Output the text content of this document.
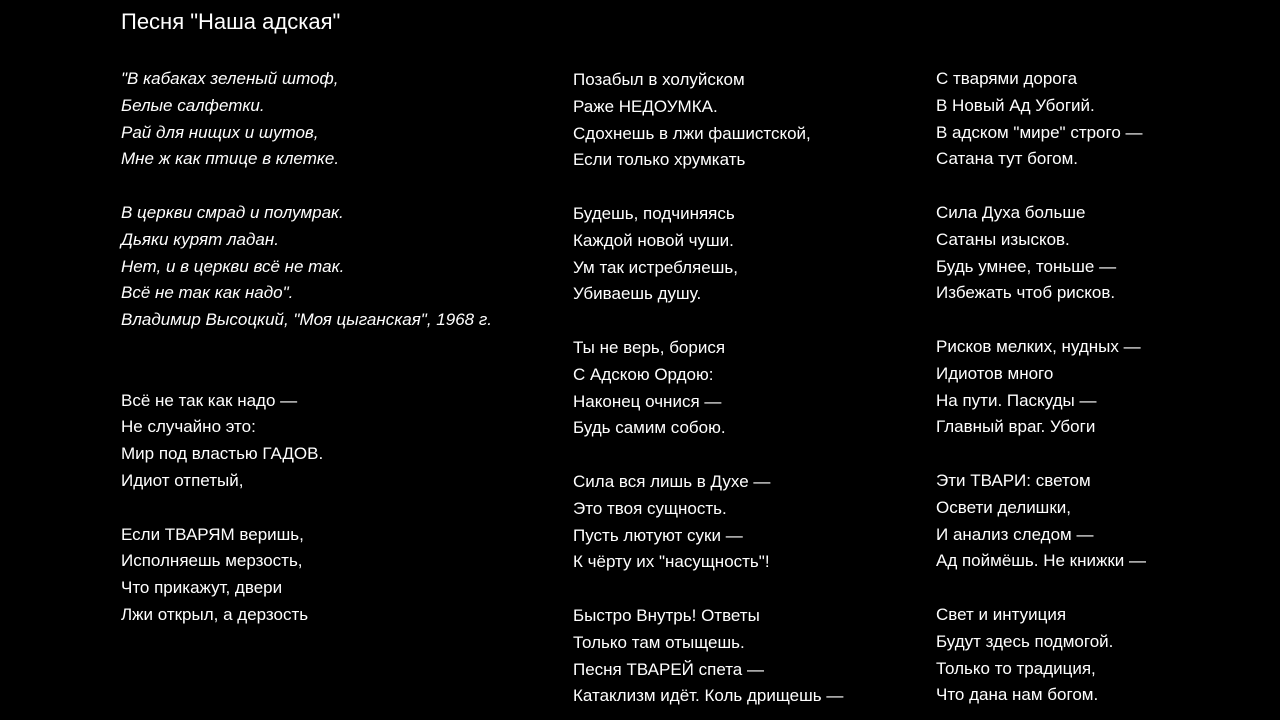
Песня "Наша адская"
"В кабаках зеленый штоф,
Белые салфетки.
Рай для нищих и шутов,
Мне ж как птице в клетке.
В церкви смрад и полумрак.
Дьяки курят ладан.
Нет, и в церкви всё не так.
Всё не так как надо".
Владимир Высоцкий, "Моя цыганская", 1968 г.
Всё не так как надо —
Не случайно это:
Мир под властью ГАДОВ.
Идиот отпетый,
Если ТВАРЯМ веришь,
Исполняешь мерзость,
Что прикажут, двери
Лжи открыл, а дерзость
Позабыл в холуйском
Раже НЕДОУМКА.
Сдохнешь в лжи фашистской,
Если только хрумкать
Будешь, подчиняясь
Каждой новой чуши.
Ум так истребляешь,
Убиваешь душу.
Ты не верь, борися
С Адскою Ордою:
Наконец очнися —
Будь самим собою.
Сила вся лишь в Духе —
Это твоя сущность.
Пусть лютуют суки —
К чёрту их "насущность"!
Быстро Внутрь! Ответы
Только там отыщешь.
Песня ТВАРЕЙ спета —
Катаклизм идёт. Коль дрищешь —
С тварями дорога
В Новый Ад Убогий.
В адском "мире" строго —
Сатана тут богом.
Сила Духа больше
Сатаны изысков.
Будь умнее, тоньше —
Избежать чтоб рисков.
Рисков мелких, нудных —
Идиотов много
На пути. Паскуды —
Главный враг. Убоги
Эти ТВАРИ: светом
Освети делишки,
И анализ следом —
Ад поймёшь. Не книжки —
Свет и интуиция
Будут здесь подмогой.
Только то традиция,
Что дана нам богом.
